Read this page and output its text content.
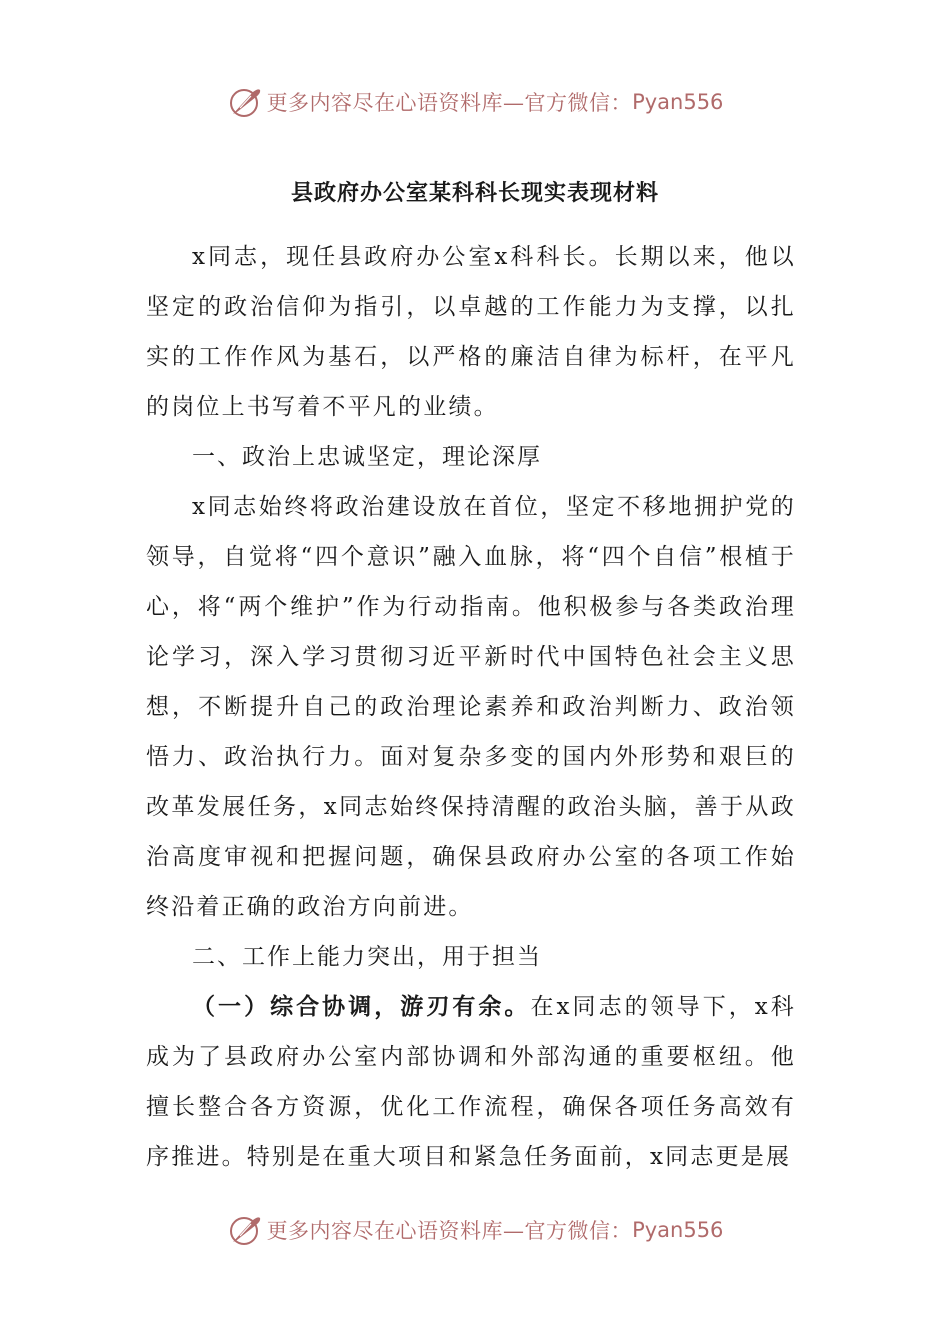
更多内容尽在心语资料库—官方微信： Pyan556
县政府办公室某科科长现实表现材料

x同志，现任县政府办公室x科科长。长期以来，他以坚定的政治信仰为指引，以卓越的工作能力为支撑，以扎实的工作作风为基石，以严格的廉洁自律为标杆，在平凡的岗位上书写着不平凡的业绩。

一、政治上忠诚坚定，理论深厚

x同志始终将政治建设放在首位，坚定不移地拥护党的领导，自觉将“四个意识”融入血脉，将“四个自信”根植于心，将“两个维护”作为行动指南。他积极参与各类政治理论学习，深入学习贯彻习近平新时代中国特色社会主义思想，不断提升自己的政治理论素养和政治判断力、政治领悟力、政治执行力。面对复杂多变的国内外形势和艰巨的改革发展任务，x同志始终保持清醒的政治头脑，善于从政治高度审视和把握问题，确保县政府办公室的各项工作始终沿着正确的政治方向前进。

二、工作上能力突出，用于担当

（一）综合协调，游刃有余。在x同志的领导下，x科成为了县政府办公室内部协调和外部沟通的重要枢纽。他擅长整合各方资源，优化工作流程，确保各项任务高效有序推进。特别是在重大项目和紧急任务面前，x同志更是展

更多内容尽在心语资料库—官方微信： Pyan556
